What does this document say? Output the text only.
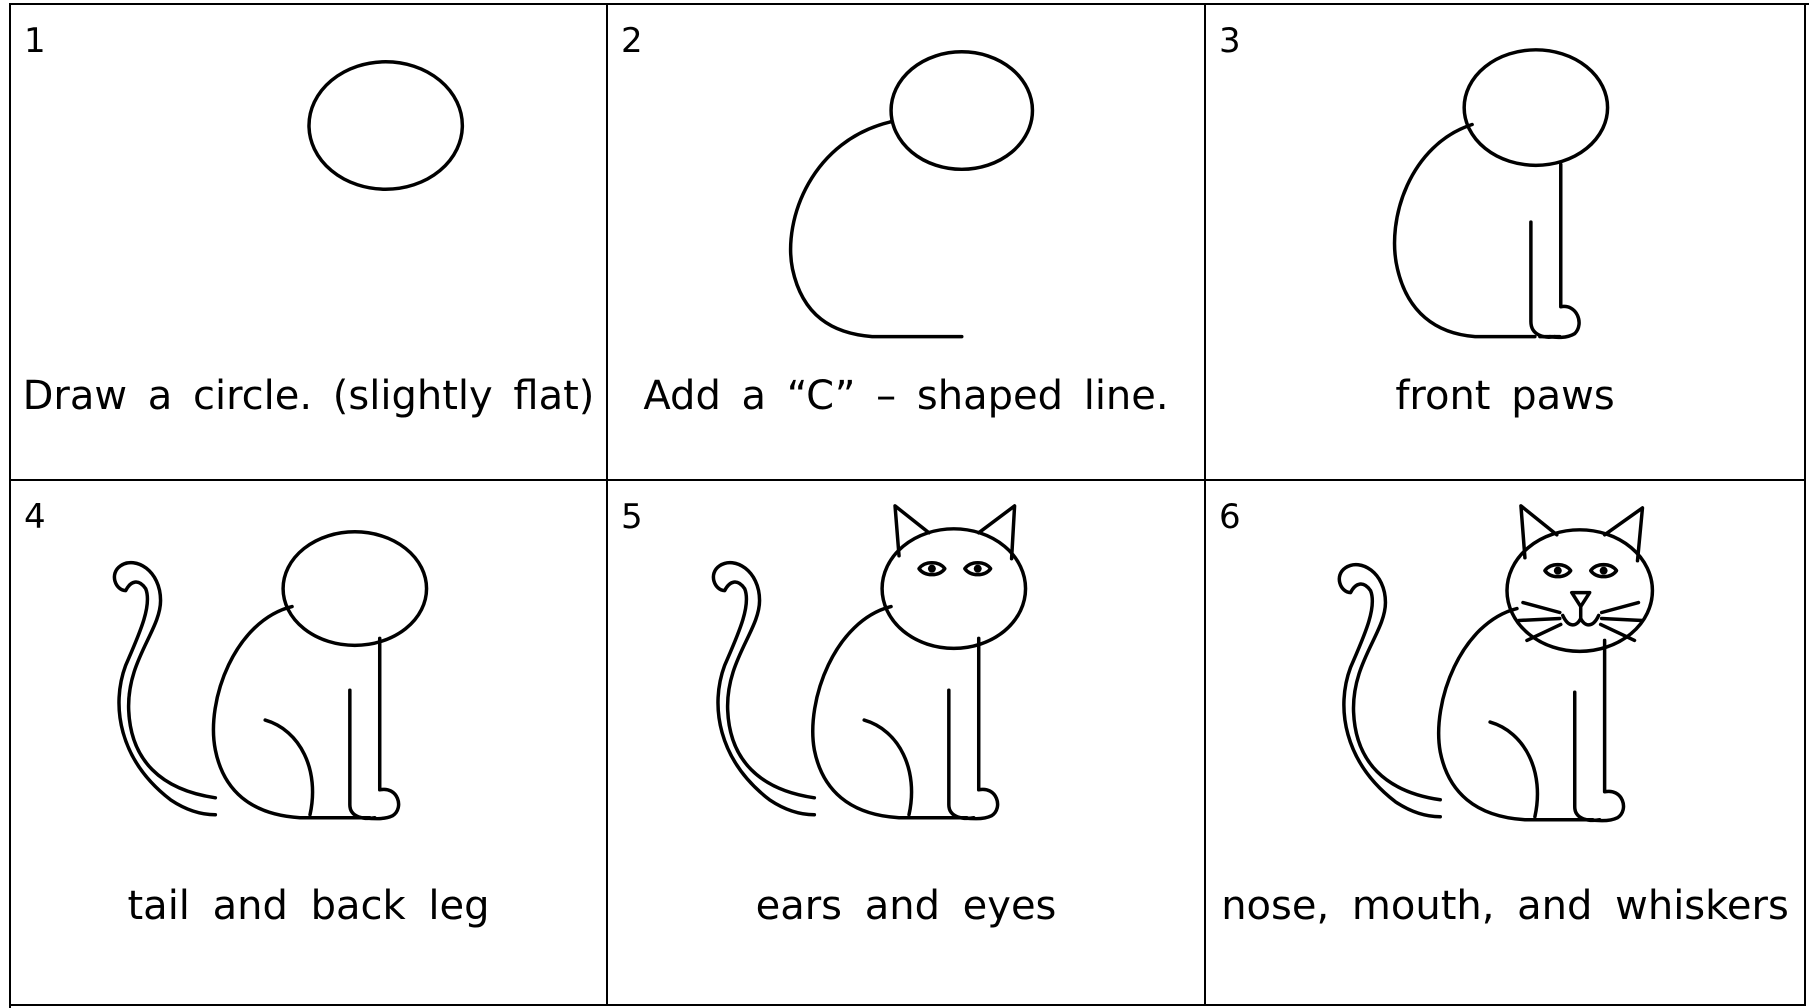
1
Draw a circle. (slightly flat)
2
Add a “C” – shaped line.
3
front paws
4
tail and back leg
5
ears and eyes
6
nose, mouth, and whiskers
